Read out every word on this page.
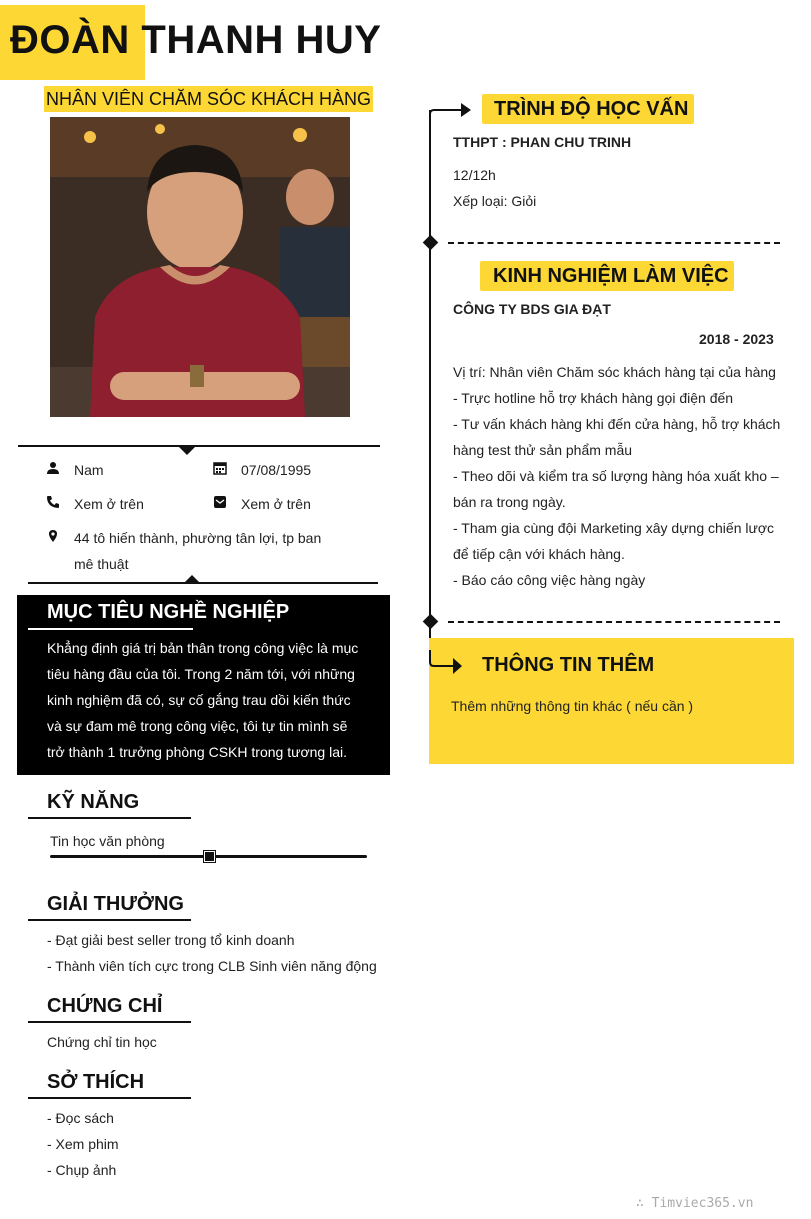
ĐOÀN THANH HUY
NHÂN VIÊN CHĂM SÓC KHÁCH HÀNG
Nam	07/08/1995
Xem ở trên	Xem ở trên
44 tô hiến thành, phường tân lợi, tp ban
mê thuật
MỤC TIÊU NGHỀ NGHIỆP
Khẳng định giá trị bản thân trong công việc là mục
tiêu hàng đầu của tôi. Trong 2 năm tới, với những
kinh nghiệm đã có, sự cố gắng trau dồi kiến thức
và sự đam mê trong công việc, tôi tự tin mình sẽ
trở thành 1 trưởng phòng CSKH trong tương lai.
KỸ NĂNG
Tin học văn phòng
GIẢI THƯỞNG
- Đạt giải best seller trong tổ kinh doanh
- Thành viên tích cực trong CLB Sinh viên năng động
CHỨNG CHỈ
Chứng chỉ tin học
SỞ THÍCH
- Đọc sách
- Xem phim
- Chụp ảnh
TRÌNH ĐỘ HỌC VẤN
TTHPT : PHAN CHU TRINH
12/12h
Xếp loại: Giỏi
KINH NGHIỆM LÀM VIỆC
CÔNG TY BDS GIA ĐẠT
2018 - 2023
Vị trí: Nhân viên Chăm sóc khách hàng tại của hàng
- Trực hotline hỗ trợ khách hàng gọi điện đến
- Tư vấn khách hàng khi đến cửa hàng, hỗ trợ khách
hàng test thử sản phẩm mẫu
- Theo dõi và kiểm tra số lượng hàng hóa xuất kho –
bán ra trong ngày.
- Tham gia cùng đội Marketing xây dựng chiến lược
để tiếp cận với khách hàng.
- Báo cáo công việc hàng ngày
THÔNG TIN THÊM
Thêm những thông tin khác ( nếu cần )
∴ Timviec365.vn
